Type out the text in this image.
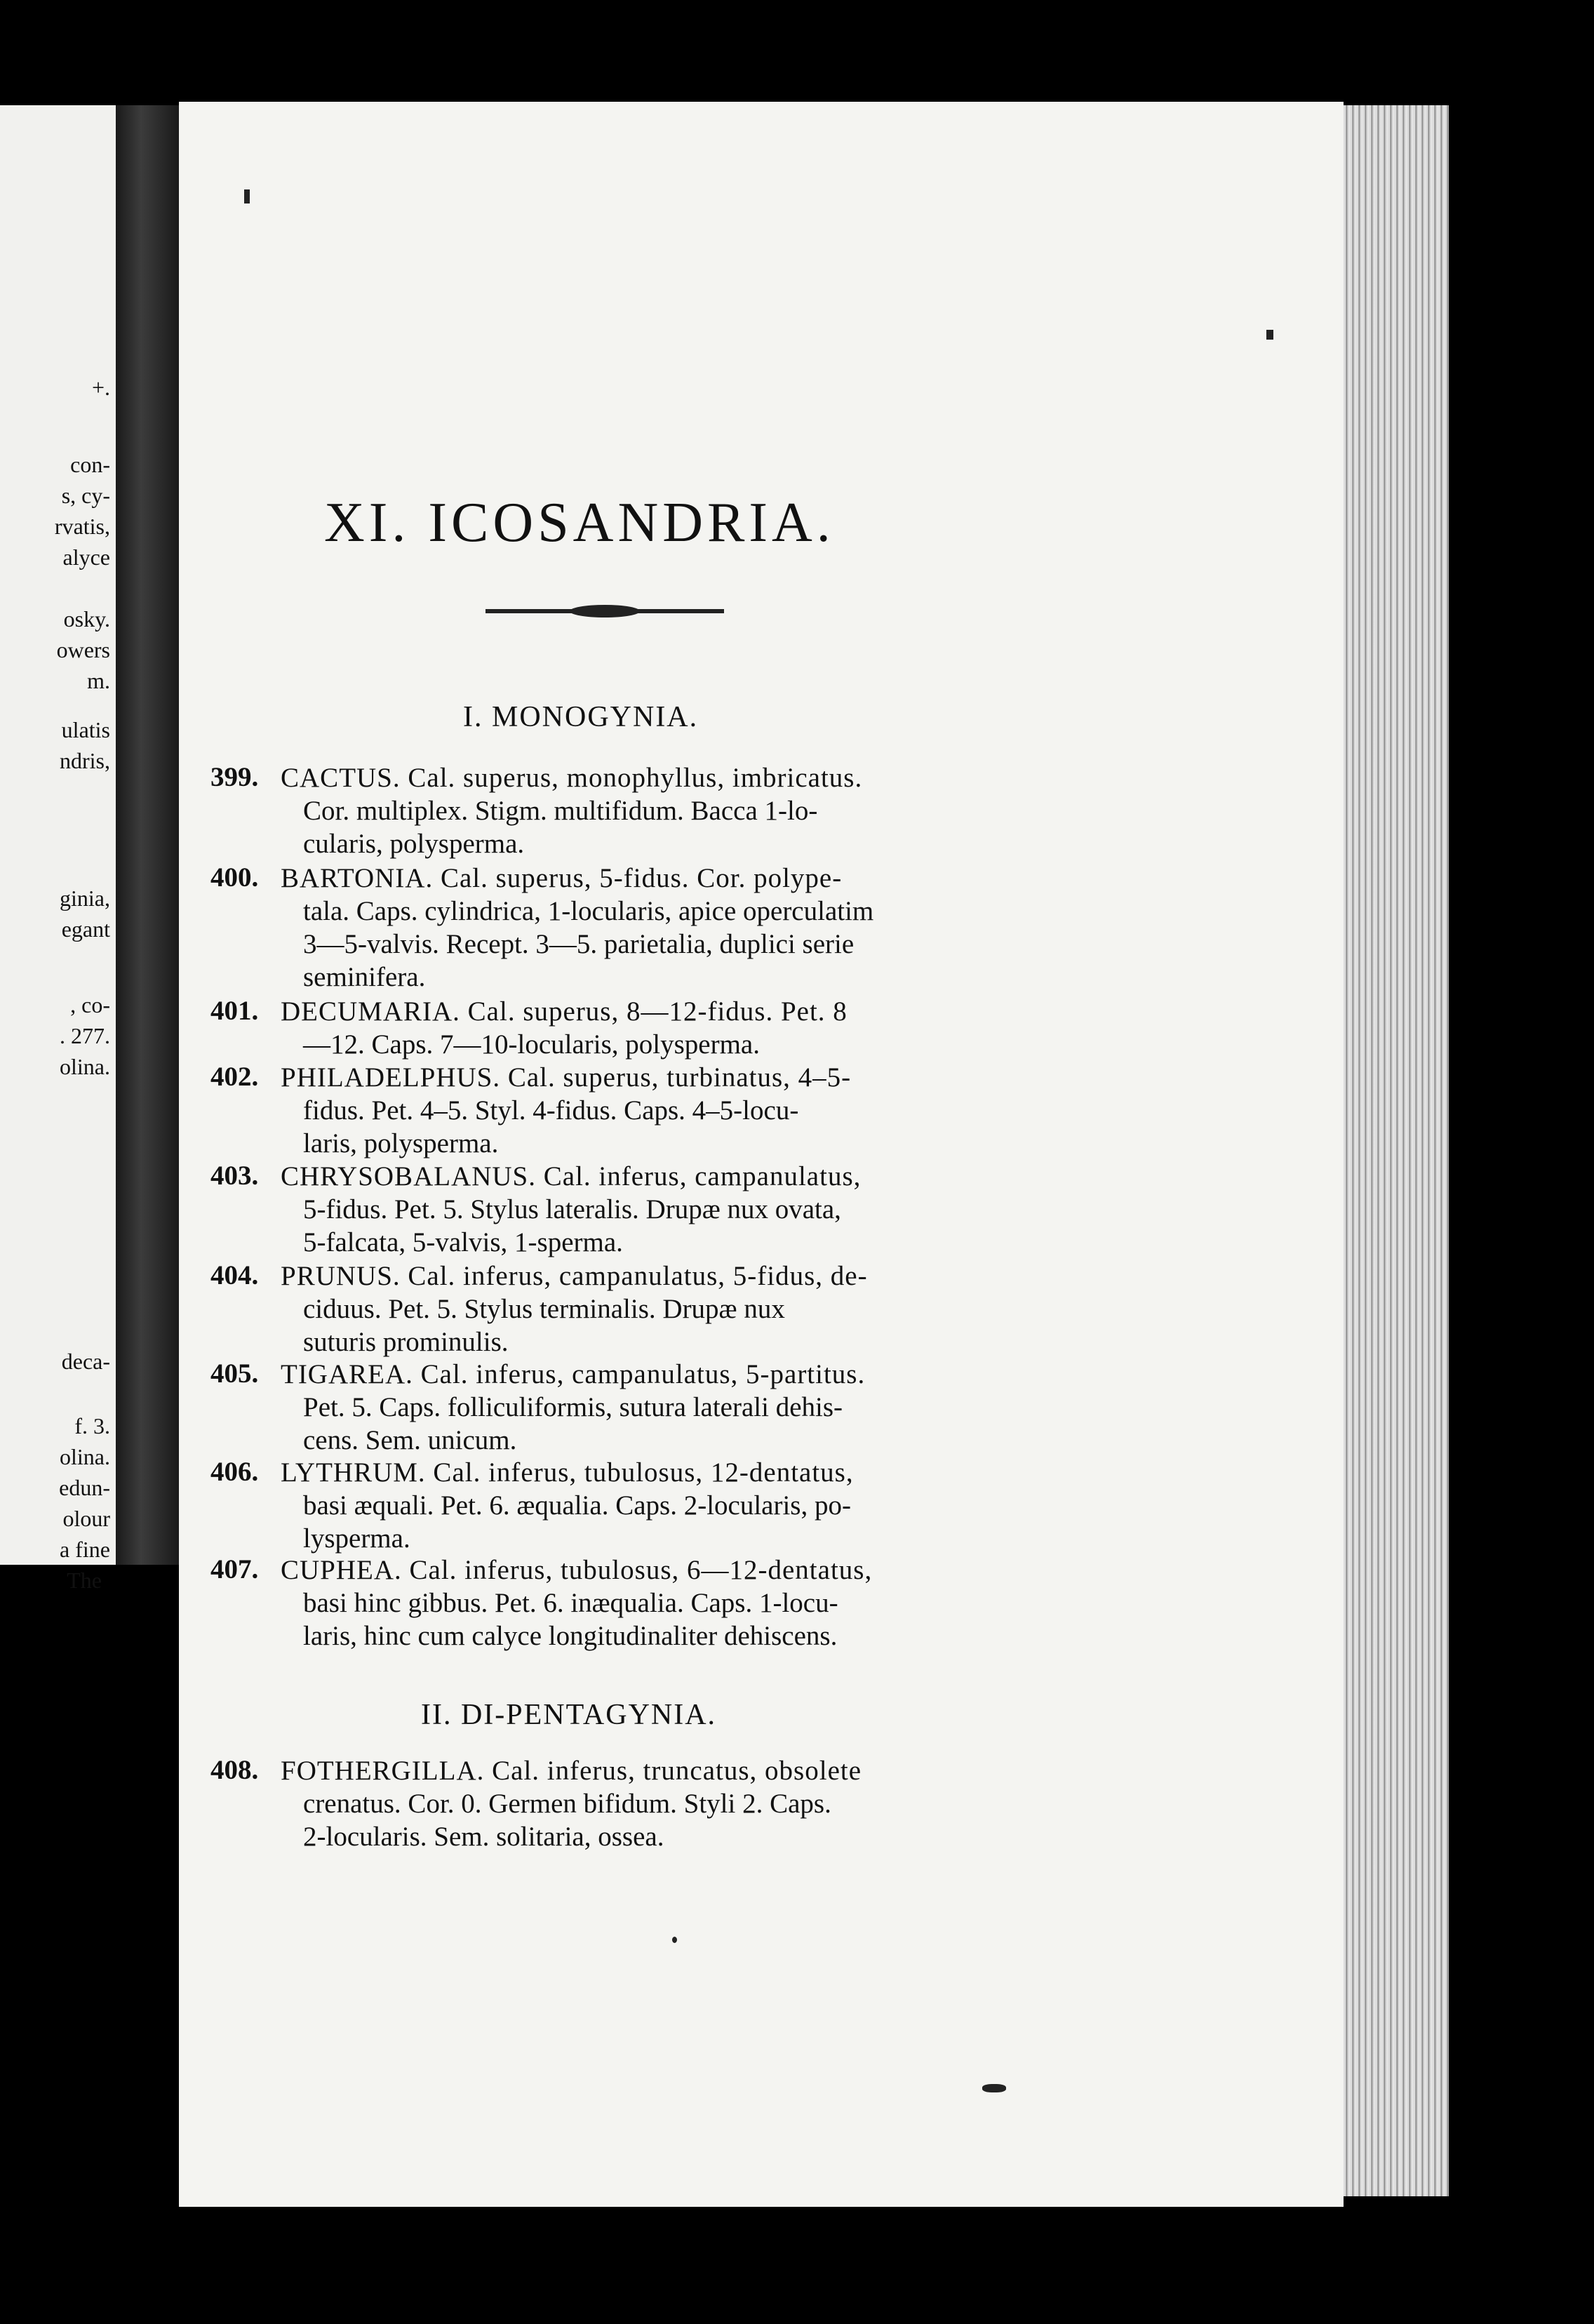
+.
con-
s, cy-
rvatis,
alyce
osky.
owers
m.
ulatis
ndris,
ginia,
egant
, co-
. 277.
olina.
deca-
f. 3.
olina.
edun-
olour
a fine
The
XI. ICOSANDRIA.
I. MONOGYNIA.
399. CACTUS. Cal. superus, monophyllus, imbricatus.
Cor. multiplex. Stigm. multifidum. Bacca 1-lo-
cularis, polysperma.
400. BARTONIA. Cal. superus, 5-fidus. Cor. polype-
tala. Caps. cylindrica, 1-locularis, apice operculatim
3—5-valvis. Recept. 3—5. parietalia, duplici serie
seminifera.
401. DECUMARIA. Cal. superus, 8—12-fidus. Pet. 8
—12. Caps. 7—10-locularis, polysperma.
402. PHILADELPHUS. Cal. superus, turbinatus, 4–5-
fidus. Pet. 4–5. Styl. 4-fidus. Caps. 4–5-locu-
laris, polysperma.
403. CHRYSOBALANUS. Cal. inferus, campanulatus,
5-fidus. Pet. 5. Stylus lateralis. Drupæ nux ovata,
5-falcata, 5-valvis, 1-sperma.
404. PRUNUS. Cal. inferus, campanulatus, 5-fidus, de-
ciduus. Pet. 5. Stylus terminalis. Drupæ nux
suturis prominulis.
405. TIGAREA. Cal. inferus, campanulatus, 5-partitus.
Pet. 5. Caps. folliculiformis, sutura laterali dehis-
cens. Sem. unicum.
406. LYTHRUM. Cal. inferus, tubulosus, 12-dentatus,
basi æquali. Pet. 6. æqualia. Caps. 2-locularis, po-
lysperma.
407. CUPHEA. Cal. inferus, tubulosus, 6—12-dentatus,
basi hinc gibbus. Pet. 6. inæqualia. Caps. 1-locu-
laris, hinc cum calyce longitudinaliter dehiscens.
II. DI-PENTAGYNIA.
408. FOTHERGILLA. Cal. inferus, truncatus, obsolete
crenatus. Cor. 0. Germen bifidum. Styli 2. Caps.
2-locularis. Sem. solitaria, ossea.
